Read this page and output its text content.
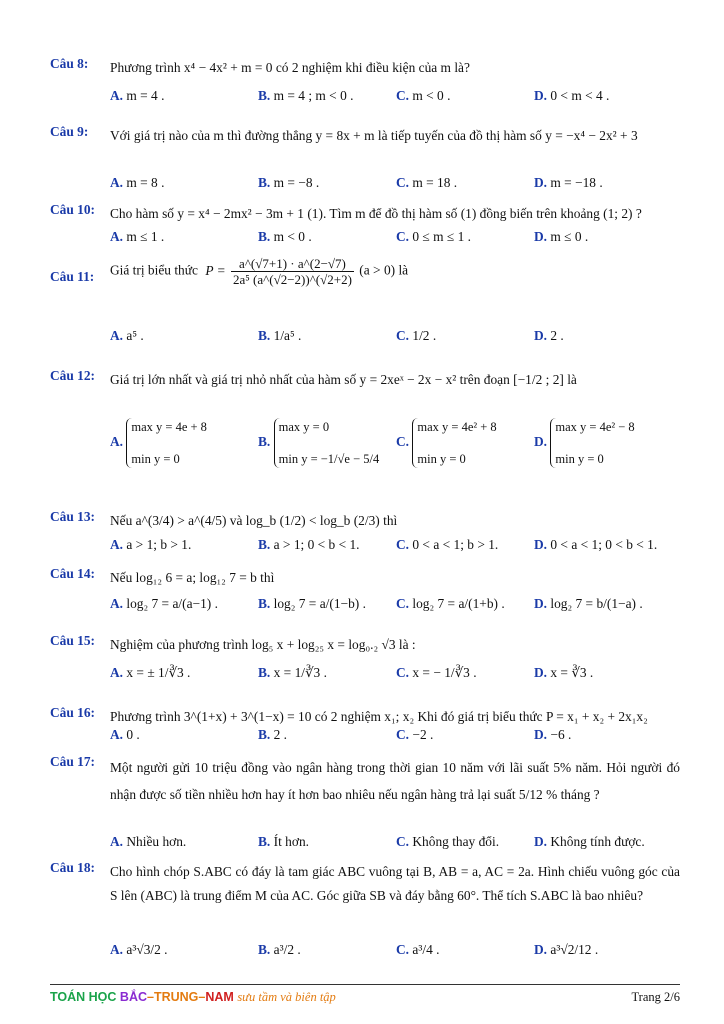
Câu 8: Phương trình x⁴ − 4x² + m = 0 có 2 nghiệm khi điều kiện của m là?
A. m = 4 .	B. m = 4 ; m < 0 .	C. m < 0 .	D. 0 < m < 4 .
Câu 9: Với giá trị nào của m thì đường thẳng y = 8x + m là tiếp tuyến của đồ thị hàm số y = −x⁴ − 2x² + 3
A. m = 8 .	B. m = −8 .	C. m = 18 .	D. m = −18 .
Câu 10: Cho hàm số y = x⁴ − 2mx² − 3m + 1 (1). Tìm m để đồ thị hàm số (1) đồng biến trên khoảng (1; 2) ?
A. m ≤ 1 .	B. m < 0 .	C. 0 ≤ m ≤ 1 .	D. m ≤ 0 .
Câu 11: Giá trị biểu thức $P = \frac{a\^{}(√7+1) \cdot a\^{}(2-√7)}{\text{2a⁵ (a\textasciicircum{}(√2−2))\textasciicircum{}(√2+2)}} (a > 0)$ là
A. a⁵ .	B. 1/a⁵ .	C. 1/2 .	D. 2 .
Câu 12: Giá trị lớn nhất và giá trị nhỏ nhất của hàm số y = 2xeˣ − 2x − x² trên đoạn [−1/2 ; 2] là
A.
max y = 4e + 8
min y = 0
B.
max y = 0
min y = −1/√e − 5/4
C.
max y = 4e² + 8
min y = 0
D.
max y = 4e² − 8
min y = 0
Câu 13: Nếu a^(3/4) > a^(4/5) và log_b (1/2) < log_b (2/3) thì
A. a > 1; b > 1.	B. a > 1; 0 < b < 1.	C. 0 < a < 1; b > 1.	D. 0 < a < 1; 0 < b < 1.
Câu 14: Nếu log₁₂ 6 = a; log₁₂ 7 = b thì
A. log₂ 7 = a/(a−1) .	B. log₂ 7 = a/(1−b) . C. log₂ 7 = a/(1+b) . D. log₂ 7 = b/(1−a) .
Câu 15: Nghiệm của phương trình log₅ x + log₂₅ x = log₀.₂ √3 là :
A. x = ± 1/∛3 .	B. x = 1/∛3 .	C. x = − 1/∛3 .	D. x = ∛3 .
Câu 16: Phương trình 3^(1+x) + 3^(1−x) = 10 có 2 nghiệm x₁; x₂ Khi đó giá trị biểu thức P = x₁ + x₂ + 2x₁x₂
A. 0 .	B. 2 .	C. −2 .	D. −6 .
Câu 17: Một người gửi 10 triệu đồng vào ngân hàng trong thời gian 10 năm với lãi suất 5% năm. Hỏi người đó nhận được số tiền nhiều hơn hay ít hơn bao nhiêu nếu ngân hàng trả lại suất 5/12 % tháng ?
A. Nhiều hơn.	B. Ít hơn.	C. Không thay đổi.	D. Không tính được.
Câu 18: Cho hình chóp S.ABC có đáy là tam giác ABC vuông tại B, AB = a, AC = 2a. Hình chiếu vuông góc của S lên (ABC) là trung điểm M của AC. Góc giữa SB và đáy bằng 60°. Thể tích S.ABC là bao nhiêu?
A. a³√3/2 .	B. a³/2 .	C. a³/4 .	D. a³√2/12 .
TOÁN HỌC BẮC–TRUNG–NAM sưu tầm và biên tập	Trang 2/6
